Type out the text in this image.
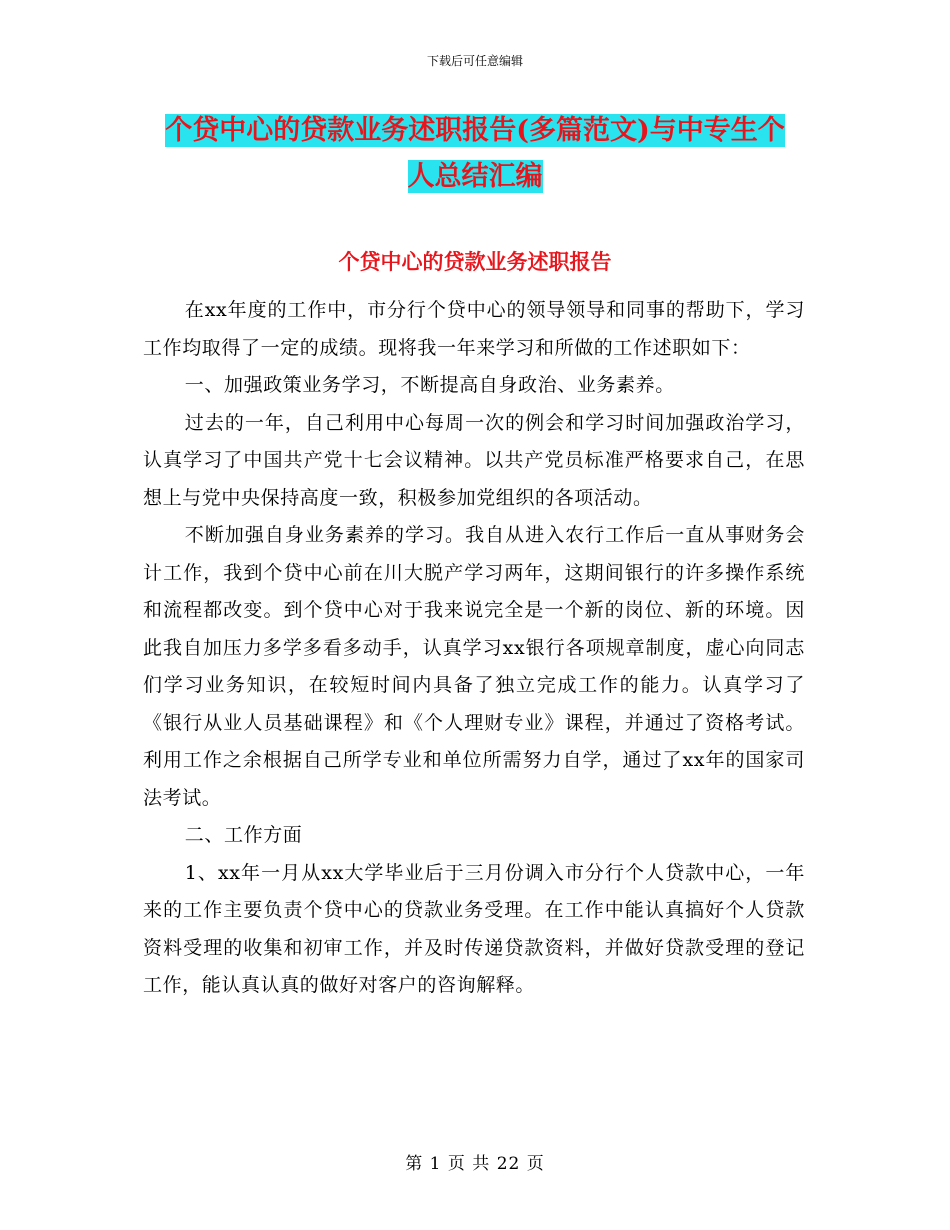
下载后可任意编辑
个贷中心的贷款业务述职报告(多篇范文)与中专生个
人总结汇编
个贷中心的贷款业务述职报告

在xx年度的工作中，市分行个贷中心的领导领导和同事的帮助下，学习工作均取得了一定的成绩。现将我一年来学习和所做的工作述职如下：

一、加强政策业务学习，不断提高自身政治、业务素养。

过去的一年，自己利用中心每周一次的例会和学习时间加强政治学习，认真学习了中国共产党十七会议精神。以共产党员标准严格要求自己，在思想上与党中央保持高度一致，积极参加党组织的各项活动。

不断加强自身业务素养的学习。我自从进入农行工作后一直从事财务会计工作，我到个贷中心前在川大脱产学习两年，这期间银行的许多操作系统和流程都改变。到个贷中心对于我来说完全是一个新的岗位、新的环境。因此我自加压力多学多看多动手，认真学习xx银行各项规章制度，虚心向同志们学习业务知识，在较短时间内具备了独立完成工作的能力。认真学习了《银行从业人员基础课程》和《个人理财专业》课程，并通过了资格考试。利用工作之余根据自己所学专业和单位所需努力自学，通过了xx年的国家司法考试。

二、工作方面

1、xx年一月从xx大学毕业后于三月份调入市分行个人贷款中心，一年来的工作主要负责个贷中心的贷款业务受理。在工作中能认真搞好个人贷款资料受理的收集和初审工作，并及时传递贷款资料，并做好贷款受理的登记工作，能认真认真的做好对客户的咨询解释。

第 1 页 共 22 页
